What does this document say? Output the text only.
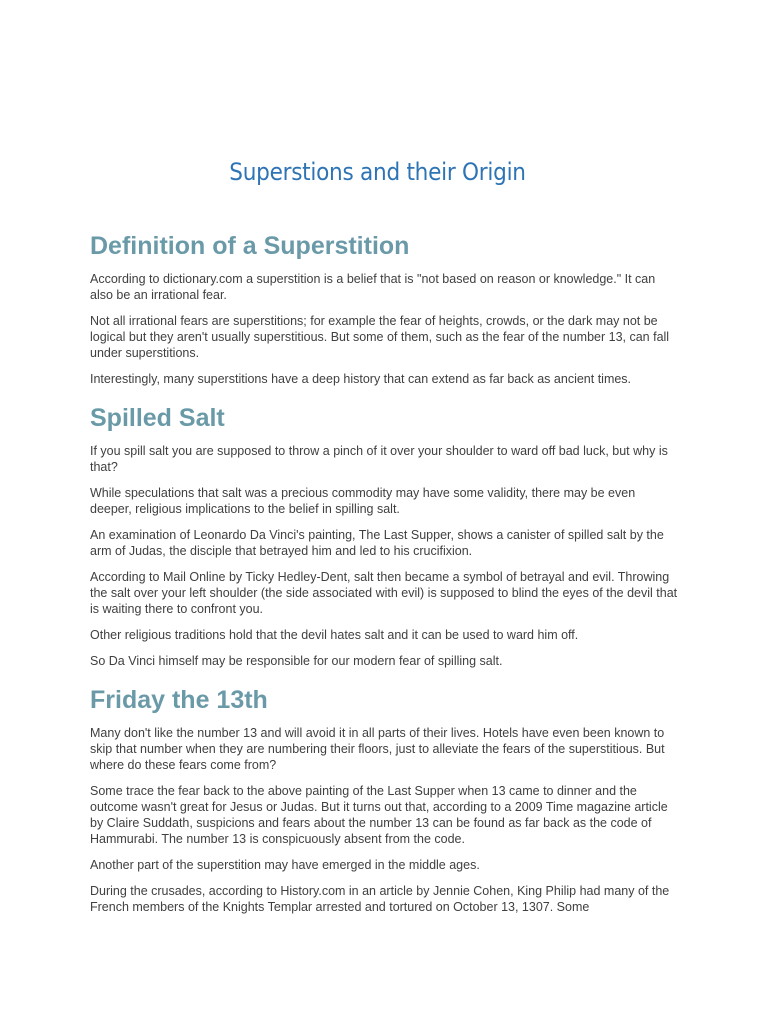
Superstions and their Origin
Definition of a Superstition

According to dictionary.com a superstition is a belief that is "not based on reason or knowledge." It can also be an irrational fear.

Not all irrational fears are superstitions; for example the fear of heights, crowds, or the dark may not be logical but they aren't usually superstitious. But some of them, such as the fear of the number 13, can fall under superstitions.

Interestingly, many superstitions have a deep history that can extend as far back as ancient times.

Spilled Salt

If you spill salt you are supposed to throw a pinch of it over your shoulder to ward off bad luck, but why is that?

While speculations that salt was a precious commodity may have some validity, there may be even deeper, religious implications to the belief in spilling salt.

An examination of Leonardo Da Vinci's painting, The Last Supper, shows a canister of spilled salt by the arm of Judas, the disciple that betrayed him and led to his crucifixion.

According to Mail Online by Ticky Hedley-Dent, salt then became a symbol of betrayal and evil. Throwing the salt over your left shoulder (the side associated with evil) is supposed to blind the eyes of the devil that is waiting there to confront you.

Other religious traditions hold that the devil hates salt and it can be used to ward him off.

So Da Vinci himself may be responsible for our modern fear of spilling salt.

Friday the 13th

Many don't like the number 13 and will avoid it in all parts of their lives. Hotels have even been known to skip that number when they are numbering their floors, just to alleviate the fears of the superstitious. But where do these fears come from?

Some trace the fear back to the above painting of the Last Supper when 13 came to dinner and the outcome wasn't great for Jesus or Judas. But it turns out that, according to a 2009 Time magazine article by Claire Suddath, suspicions and fears about the number 13 can be found as far back as the code of Hammurabi. The number 13 is conspicuously absent from the code.

Another part of the superstition may have emerged in the middle ages.

During the crusades, according to History.com in an article by Jennie Cohen, King Philip had many of the French members of the Knights Templar arrested and tortured on October 13, 1307. Some
